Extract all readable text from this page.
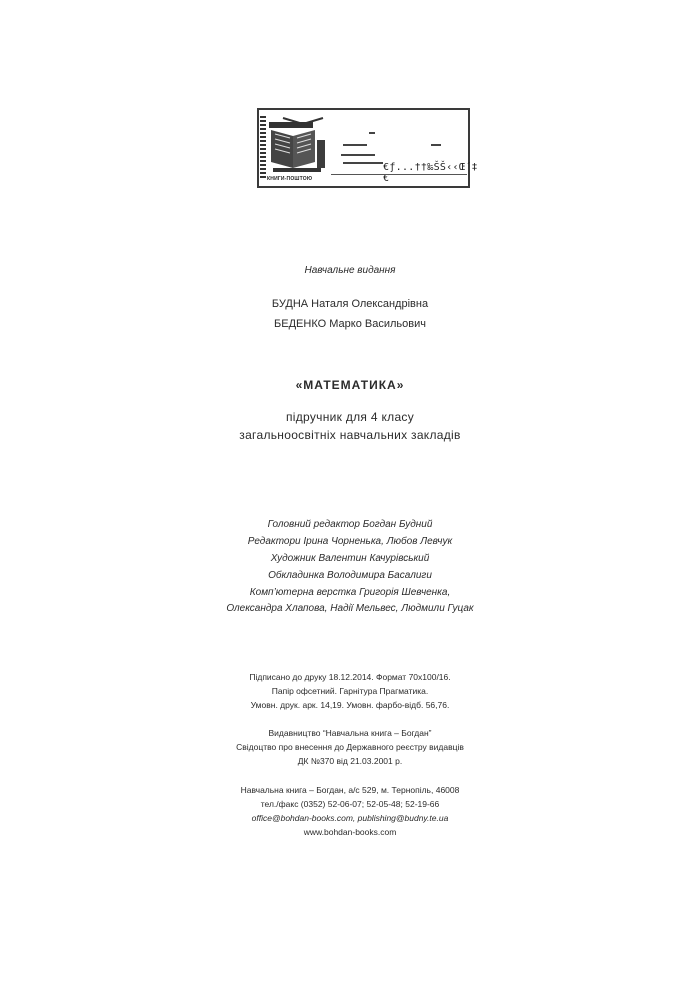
КНИГИ-ПОШТОЮ
€ƒ...††‰ŠŠ‹‹Œ΄‡ €
Навчальне видання
БУДНА Наталя Олександрівна
БЕДЕНКО Марко Васильович
«МАТЕМАТИКА»
підручник для 4 класу
загальноосвітніх навчальних закладів
Головний редактор Богдан Будний
Редактори Ірина Чорненька, Любов Левчук
Художник Валентин Качурівський
Обкладинка Володимира Басалиги
Комп’ютерна верстка Григорія Шевченка,
Олександра Хлапова, Надії Мельвес, Людмили Гуцак
Підписано до друку 18.12.2014. Формат 70x100/16.
Папір офсетний. Гарнітура Прагматика.
Умовн. друк. арк. 14,19. Умовн. фарбо-відб. 56,76.
Видавництво “Навчальна книга – Богдан”
Свідоцтво про внесення до Державного реєстру видавців
ДК №370 від 21.03.2001 р.
Навчальна книга – Богдан, а/с 529, м. Тернопіль, 46008
тел./факс (0352) 52-06-07; 52-05-48; 52-19-66
office@bohdan-books.com, publishing@budny.te.ua
www.bohdan-books.com
